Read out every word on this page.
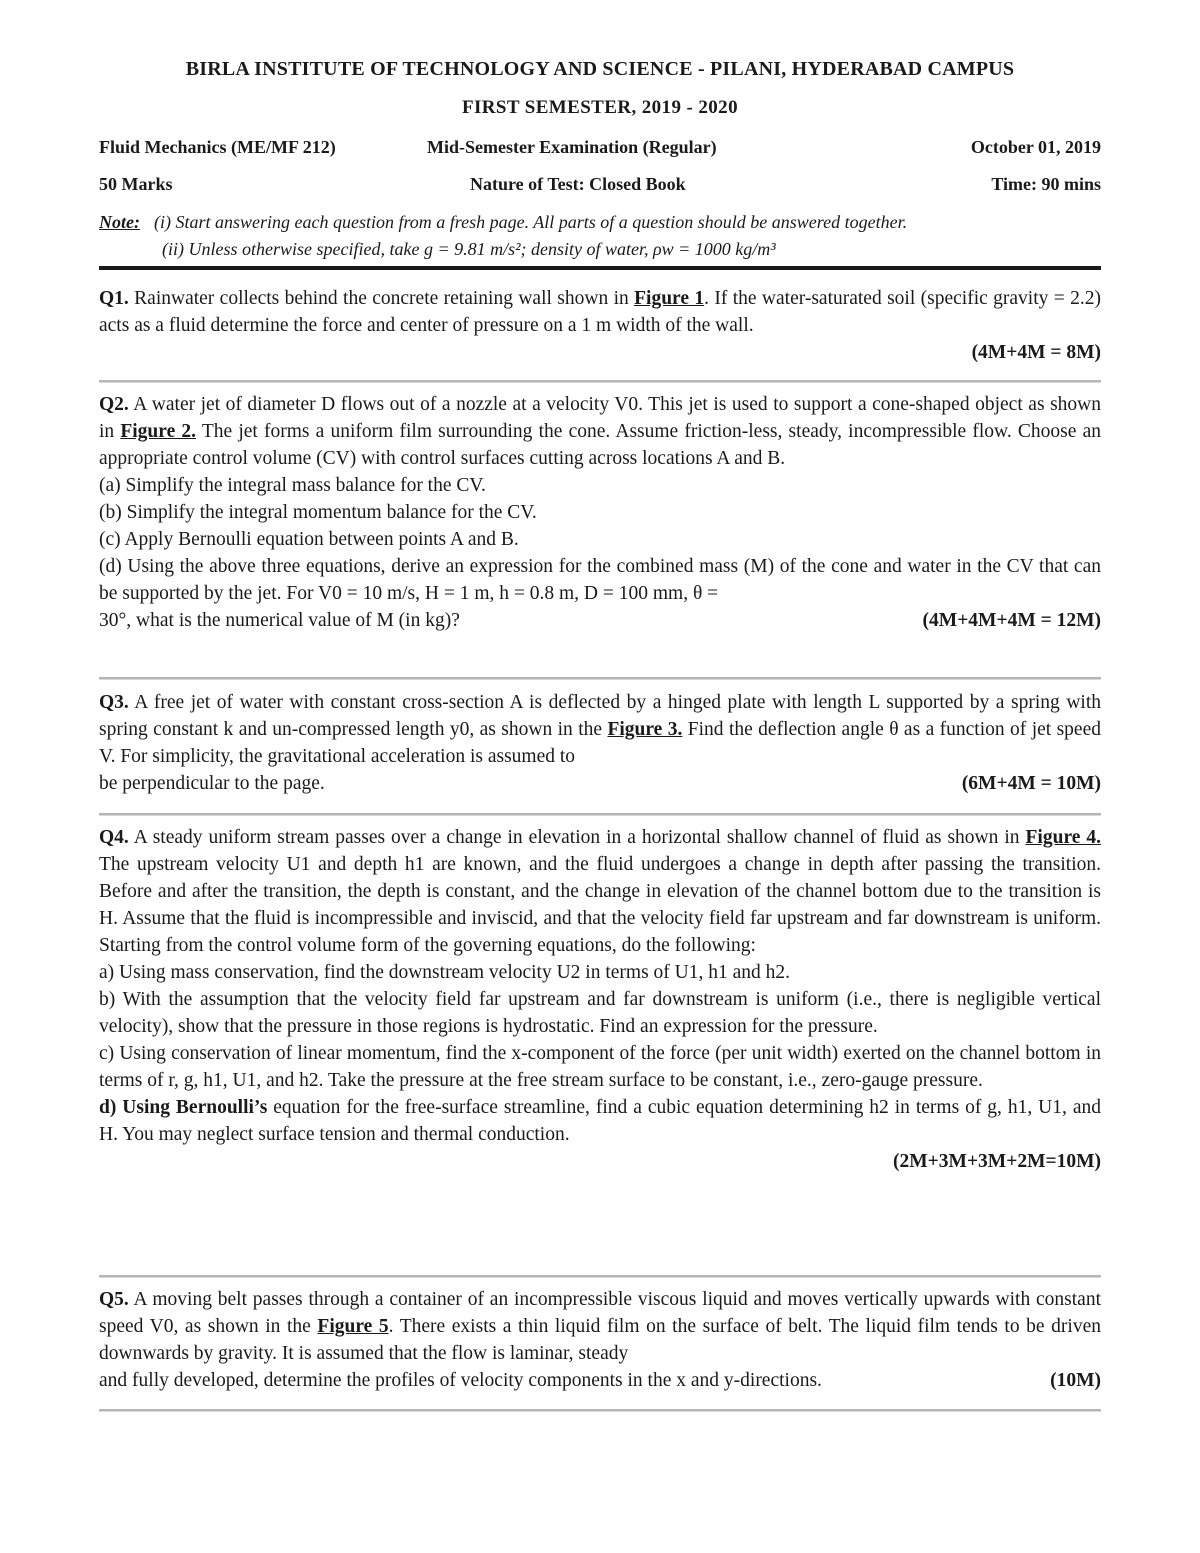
BIRLA INSTITUTE OF TECHNOLOGY AND SCIENCE - PILANI, HYDERABAD CAMPUS
FIRST SEMESTER, 2019 - 2020
Fluid Mechanics (ME/MF 212)	Mid-Semester Examination (Regular)	October 01, 2019
50 Marks	Nature of Test: Closed Book	Time: 90 mins
Note: (i) Start answering each question from a fresh page. All parts of a question should be answered together.
(ii) Unless otherwise specified, take g = 9.81 m/s²; density of water, ρw = 1000 kg/m³

Q1. Rainwater collects behind the concrete retaining wall shown in Figure 1. If the water-saturated soil (specific gravity = 2.2) acts as a fluid determine the force and center of pressure on a 1 m width of the wall.

(4M+4M = 8M)

Q2. A water jet of diameter D flows out of a nozzle at a velocity V0. This jet is used to support a cone-shaped object as shown in Figure 2. The jet forms a uniform film surrounding the cone. Assume friction-less, steady, incompressible flow. Choose an appropriate control volume (CV) with control surfaces cutting across locations A and B.

(a) Simplify the integral mass balance for the CV.

(b) Simplify the integral momentum balance for the CV.

(c) Apply Bernoulli equation between points A and B.

(d) Using the above three equations, derive an expression for the combined mass (M) of the cone and water in the CV that can be supported by the jet. For V0 = 10 m/s, H = 1 m, h = 0.8 m, D = 100 mm, θ =

30°, what is the numerical value of M (in kg)?	(4M+4M+4M = 12M)

Q3. A free jet of water with constant cross-section A is deflected by a hinged plate with length L supported by a spring with spring constant k and un-compressed length y0, as shown in the Figure 3. Find the deflection angle θ as a function of jet speed V. For simplicity, the gravitational acceleration is assumed to

be perpendicular to the page.	(6M+4M = 10M)

Q4. A steady uniform stream passes over a change in elevation in a horizontal shallow channel of fluid as shown in Figure 4. The upstream velocity U1 and depth h1 are known, and the fluid undergoes a change in depth after passing the transition. Before and after the transition, the depth is constant, and the change in elevation of the channel bottom due to the transition is H. Assume that the fluid is incompressible and inviscid, and that the velocity field far upstream and far downstream is uniform. Starting from the control volume form of the governing equations, do the following:

a) Using mass conservation, find the downstream velocity U2 in terms of U1, h1 and h2.

b) With the assumption that the velocity field far upstream and far downstream is uniform (i.e., there is negligible vertical velocity), show that the pressure in those regions is hydrostatic. Find an expression for the pressure.

c) Using conservation of linear momentum, find the x-component of the force (per unit width) exerted on the channel bottom in terms of r, g, h1, U1, and h2. Take the pressure at the free stream surface to be constant, i.e., zero-gauge pressure.

d) Using Bernoulli’s equation for the free-surface streamline, find a cubic equation determining h2 in terms of g, h1, U1, and H. You may neglect surface tension and thermal conduction.

(2M+3M+3M+2M=10M)

Q5. A moving belt passes through a container of an incompressible viscous liquid and moves vertically upwards with constant speed V0, as shown in the Figure 5. There exists a thin liquid film on the surface of belt. The liquid film tends to be driven downwards by gravity. It is assumed that the flow is laminar, steady

and fully developed, determine the profiles of velocity components in the x and y-directions.	(10M)
